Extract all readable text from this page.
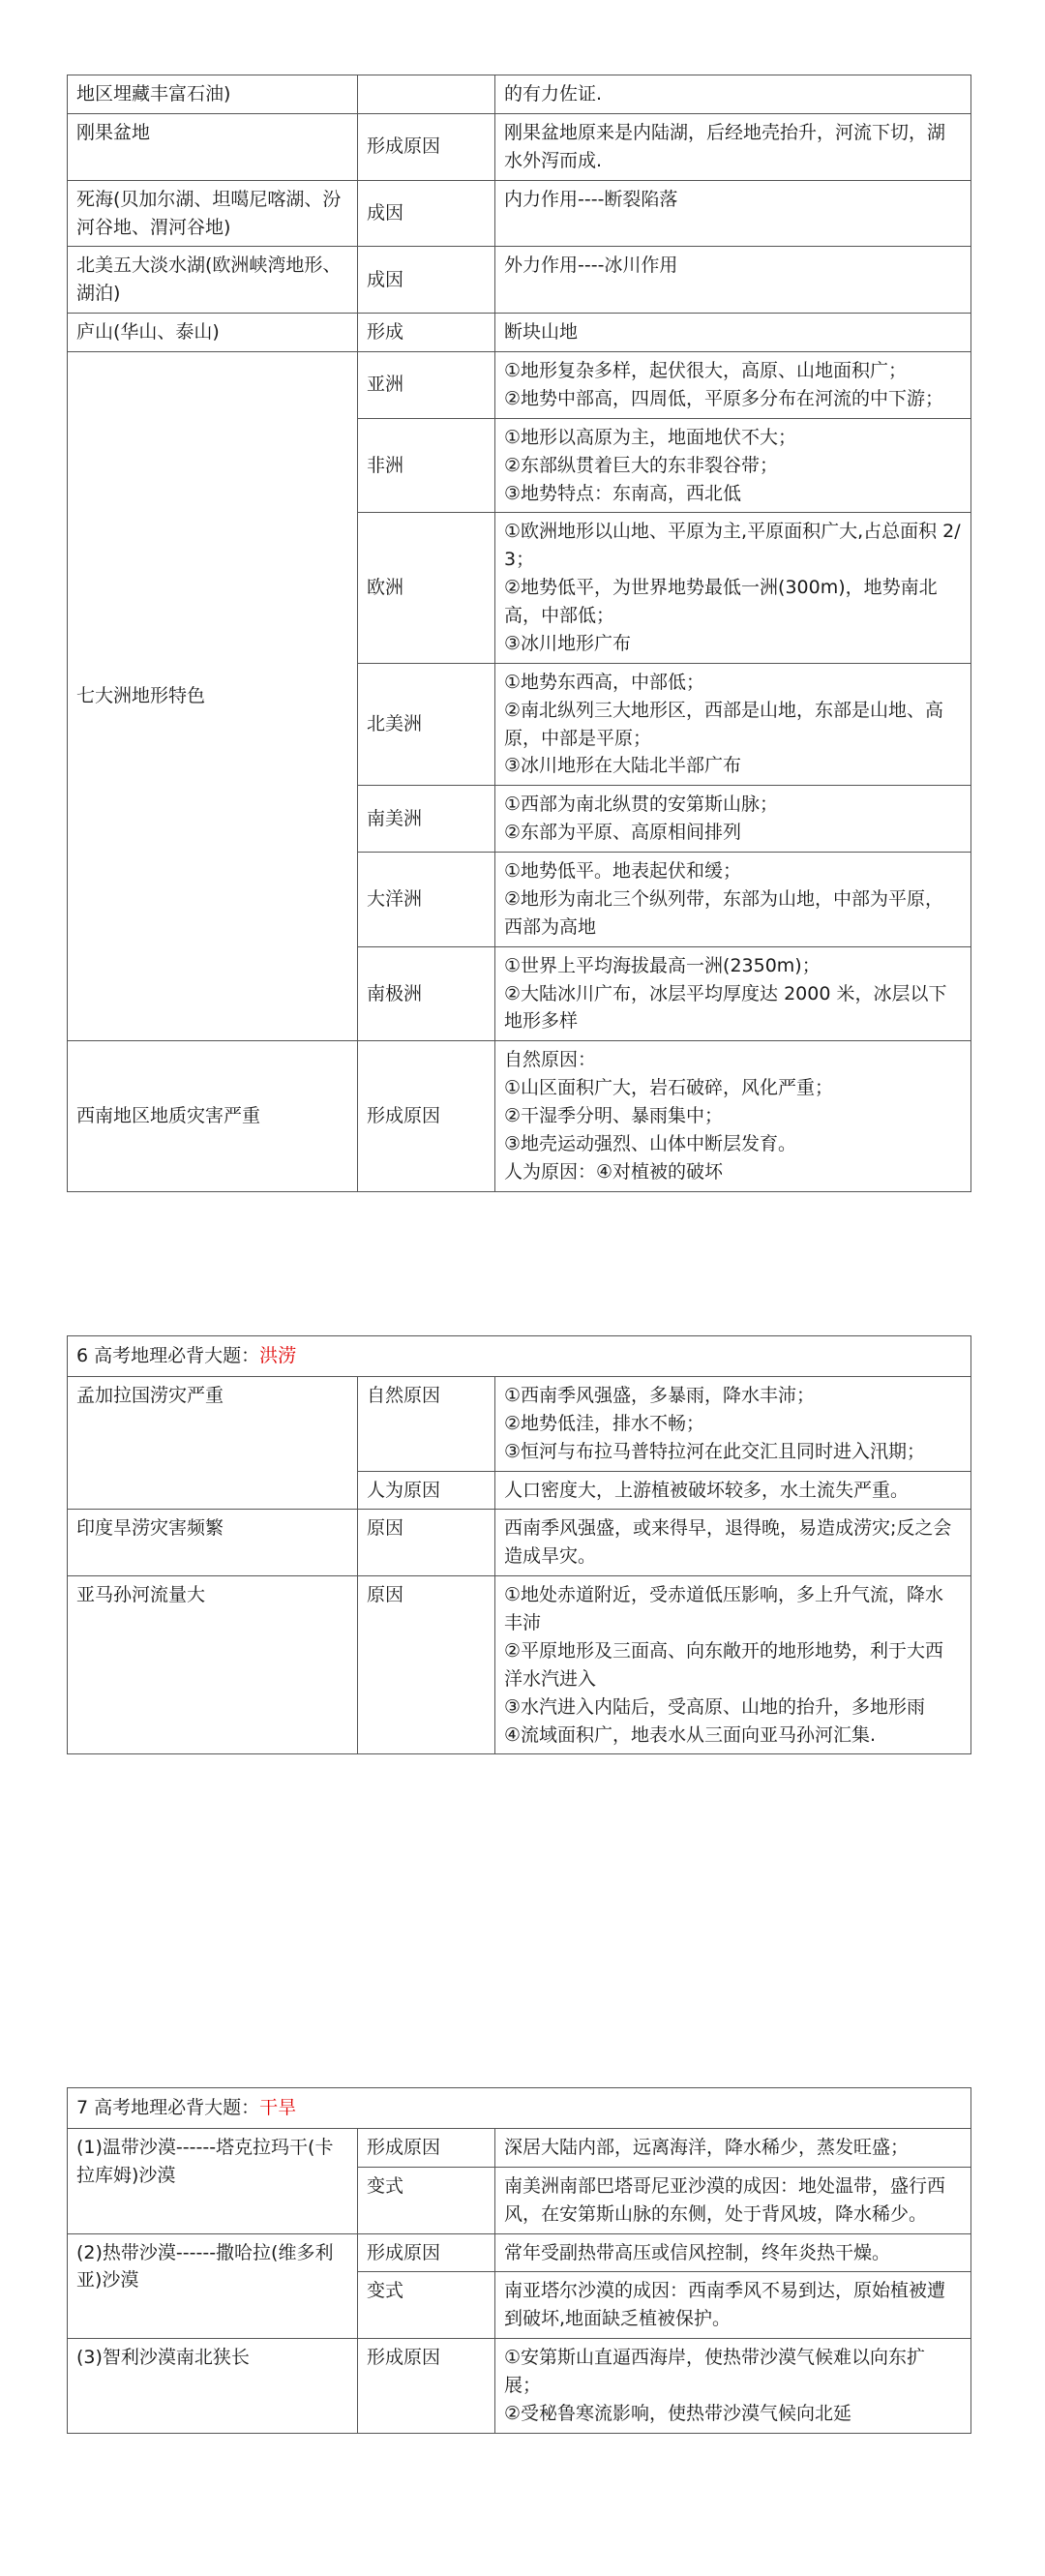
地区埋藏丰富石油)		的有力佐证.

刚果盆地	形成原因	刚果盆地原来是内陆湖，后经地壳抬升，河流下切，湖水外泻而成.

死海(贝加尔湖、坦噶尼喀湖、汾河谷地、渭河谷地)	成因	内力作用----断裂陷落

北美五大淡水湖(欧洲峡湾地形、湖泊)	成因	外力作用----冰川作用

庐山(华山、泰山)	形成	断块山地

七大洲地形特色	亚洲	①地形复杂多样，起伏很大，高原、山地面积广；
②地势中部高，四周低，平原多分布在河流的中下游；

	非洲	①地形以高原为主，地面地伏不大；
②东部纵贯着巨大的东非裂谷带；
③地势特点：东南高，西北低

	欧洲	①欧洲地形以山地、平原为主,平原面积广大,占总面积 2/3；
②地势低平，为世界地势最低一洲(300m)，地势南北高，中部低；
③冰川地形广布

	北美洲	①地势东西高，中部低；
②南北纵列三大地形区，西部是山地，东部是山地、高原，中部是平原；
③冰川地形在大陆北半部广布

	南美洲	①西部为南北纵贯的安第斯山脉；
②东部为平原、高原相间排列

	大洋洲	①地势低平。地表起伏和缓；
②地形为南北三个纵列带，东部为山地，中部为平原，西部为高地

	南极洲	①世界上平均海拔最高一洲(2350m)；
②大陆冰川广布，冰层平均厚度达 2000 米，冰层以下地形多样

西南地区地质灾害严重	形成原因	自然原因：
①山区面积广大，岩石破碎，风化严重；
②干湿季分明、暴雨集中；
③地壳运动强烈、山体中断层发育。
人为原因：④对植被的破坏
6 高考地理必背大题：洪涝		
孟加拉国涝灾严重	自然原因	①西南季风强盛，多暴雨，降水丰沛；
②地势低洼，排水不畅；
③恒河与布拉马普特拉河在此交汇且同时进入汛期；

	人为原因	人口密度大，上游植被破坏较多，水土流失严重。

印度旱涝灾害频繁	原因	西南季风强盛，或来得早，退得晚，易造成涝灾;反之会造成旱灾。

亚马孙河流量大	原因	①地处赤道附近，受赤道低压影响，多上升气流，降水丰沛
②平原地形及三面高、向东敞开的地形地势，利于大西洋水汽进入
③水汽进入内陆后，受高原、山地的抬升，多地形雨
④流域面积广，地表水从三面向亚马孙河汇集.
7 高考地理必背大题：干旱		
(1)温带沙漠------塔克拉玛干(卡拉库姆)沙漠	形成原因	深居大陆内部，远离海洋，降水稀少，蒸发旺盛；

	变式	南美洲南部巴塔哥尼亚沙漠的成因：地处温带，盛行西风，在安第斯山脉的东侧，处于背风坡，降水稀少。

(2)热带沙漠------撒哈拉(维多利亚)沙漠	形成原因	常年受副热带高压或信风控制，终年炎热干燥。

	变式	南亚塔尔沙漠的成因：西南季风不易到达，原始植被遭到破坏,地面缺乏植被保护。

(3)智利沙漠南北狭长	形成原因	①安第斯山直逼西海岸，使热带沙漠气候难以向东扩展；
②受秘鲁寒流影响，使热带沙漠气候向北延
